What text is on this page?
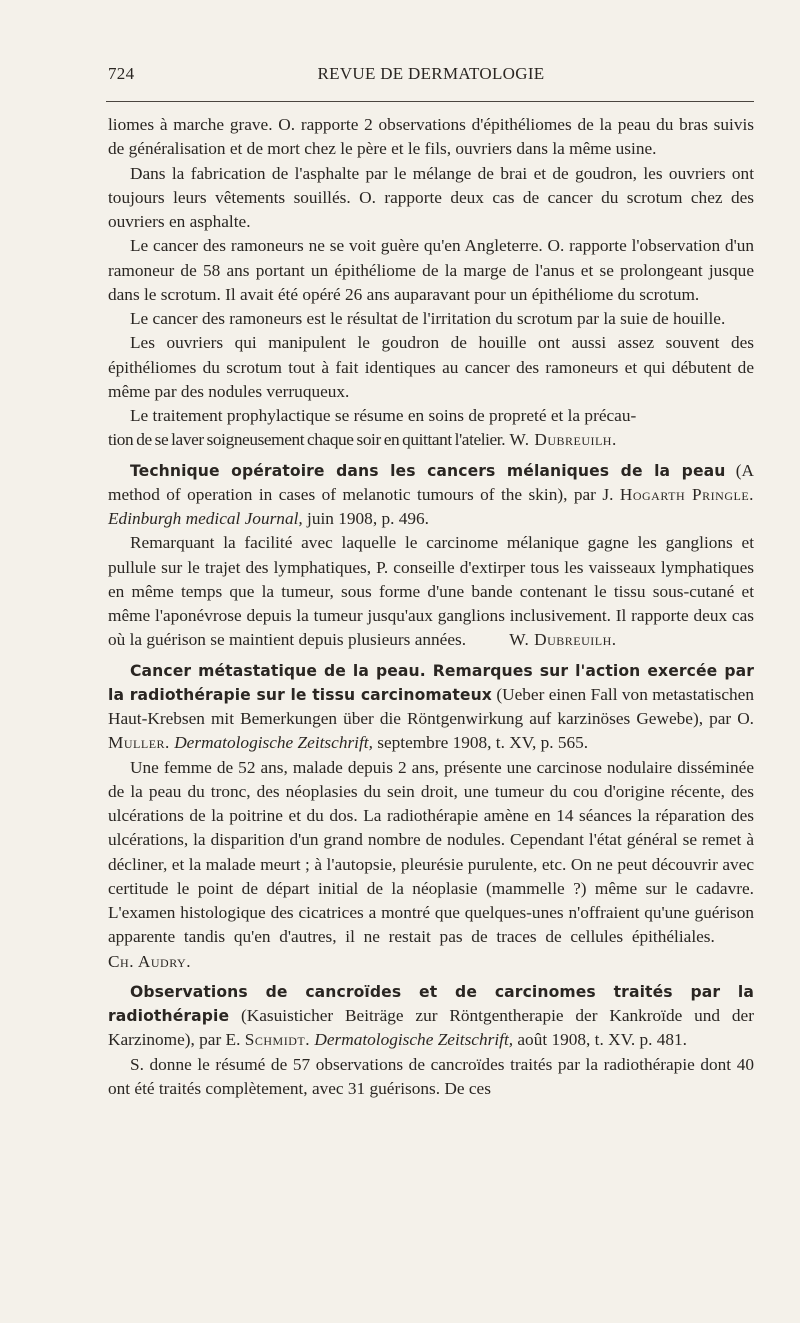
724	REVUE DE DERMATOLOGIE

liomes à marche grave. O. rapporte 2 observations d'épithéliomes de la peau du bras suivis de généralisation et de mort chez le père et le fils, ouvriers dans la même usine.

Dans la fabrication de l'asphalte par le mélange de brai et de goudron, les ouvriers ont toujours leurs vêtements souillés. O. rapporte deux cas de cancer du scrotum chez des ouvriers en asphalte.

Le cancer des ramoneurs ne se voit guère qu'en Angleterre. O. rapporte l'observation d'un ramoneur de 58 ans portant un épithéliome de la marge de l'anus et se prolongeant jusque dans le scrotum. Il avait été opéré 26 ans auparavant pour un épithéliome du scrotum.

Le cancer des ramoneurs est le résultat de l'irritation du scrotum par la suie de houille.

Les ouvriers qui manipulent le goudron de houille ont aussi assez souvent des épithéliomes du scrotum tout à fait identiques au cancer des ramoneurs et qui débutent de même par des nodules verruqueux.

Le traitement prophylactique se résume en soins de propreté et la précau-

tion de se laver soigneusement chaque soir en quittant l'atelier. W. Dubreuilh.

Technique opératoire dans les cancers mélaniques de la peau (A method of operation in cases of melanotic tumours of the skin), par J. Hogarth Pringle. Edinburgh medical Journal, juin 1908, p. 496.

Remarquant la facilité avec laquelle le carcinome mélanique gagne les ganglions et pullule sur le trajet des lymphatiques, P. conseille d'extirper tous les vaisseaux lymphatiques en même temps que la tumeur, sous forme d'une bande contenant le tissu sous-cutané et même l'aponévrose depuis la tumeur jusqu'aux ganglions inclusivement. Il rapporte deux cas où la guérison se maintient depuis plusieurs années. W. Dubreuilh.

Cancer métastatique de la peau. Remarques sur l'action exercée par la radiothérapie sur le tissu carcinomateux (Ueber einen Fall von metastatischen Haut-Krebsen mit Bemerkungen über die Röntgenwirkung auf karzinöses Gewebe), par O. Muller. Dermatologische Zeitschrift, septembre 1908, t. XV, p. 565.

Une femme de 52 ans, malade depuis 2 ans, présente une carcinose nodulaire disséminée de la peau du tronc, des néoplasies du sein droit, une tumeur du cou d'origine récente, des ulcérations de la poitrine et du dos. La radiothérapie amène en 14 séances la réparation des ulcérations, la disparition d'un grand nombre de nodules. Cependant l'état général se remet à décliner, et la malade meurt ; à l'autopsie, pleurésie purulente, etc. On ne peut découvrir avec certitude le point de départ initial de la néoplasie (mammelle ?) même sur le cadavre. L'examen histologique des cicatrices a montré que quelques-unes n'offraient qu'une guérison apparente tandis qu'en d'autres, il ne restait pas de traces de cellules épithéliales.      Ch. Audry.

Observations de cancroïdes et de carcinomes traités par la radiothérapie (Kasuisticher Beiträge zur Röntgentherapie der Kankroïde und der Karzinome), par E. Schmidt. Dermatologische Zeitschrift, août 1908, t. XV. p. 481.

S. donne le résumé de 57 observations de cancroïdes traités par la radiothérapie dont 40 ont été traités complètement, avec 31 guérisons. De ces
